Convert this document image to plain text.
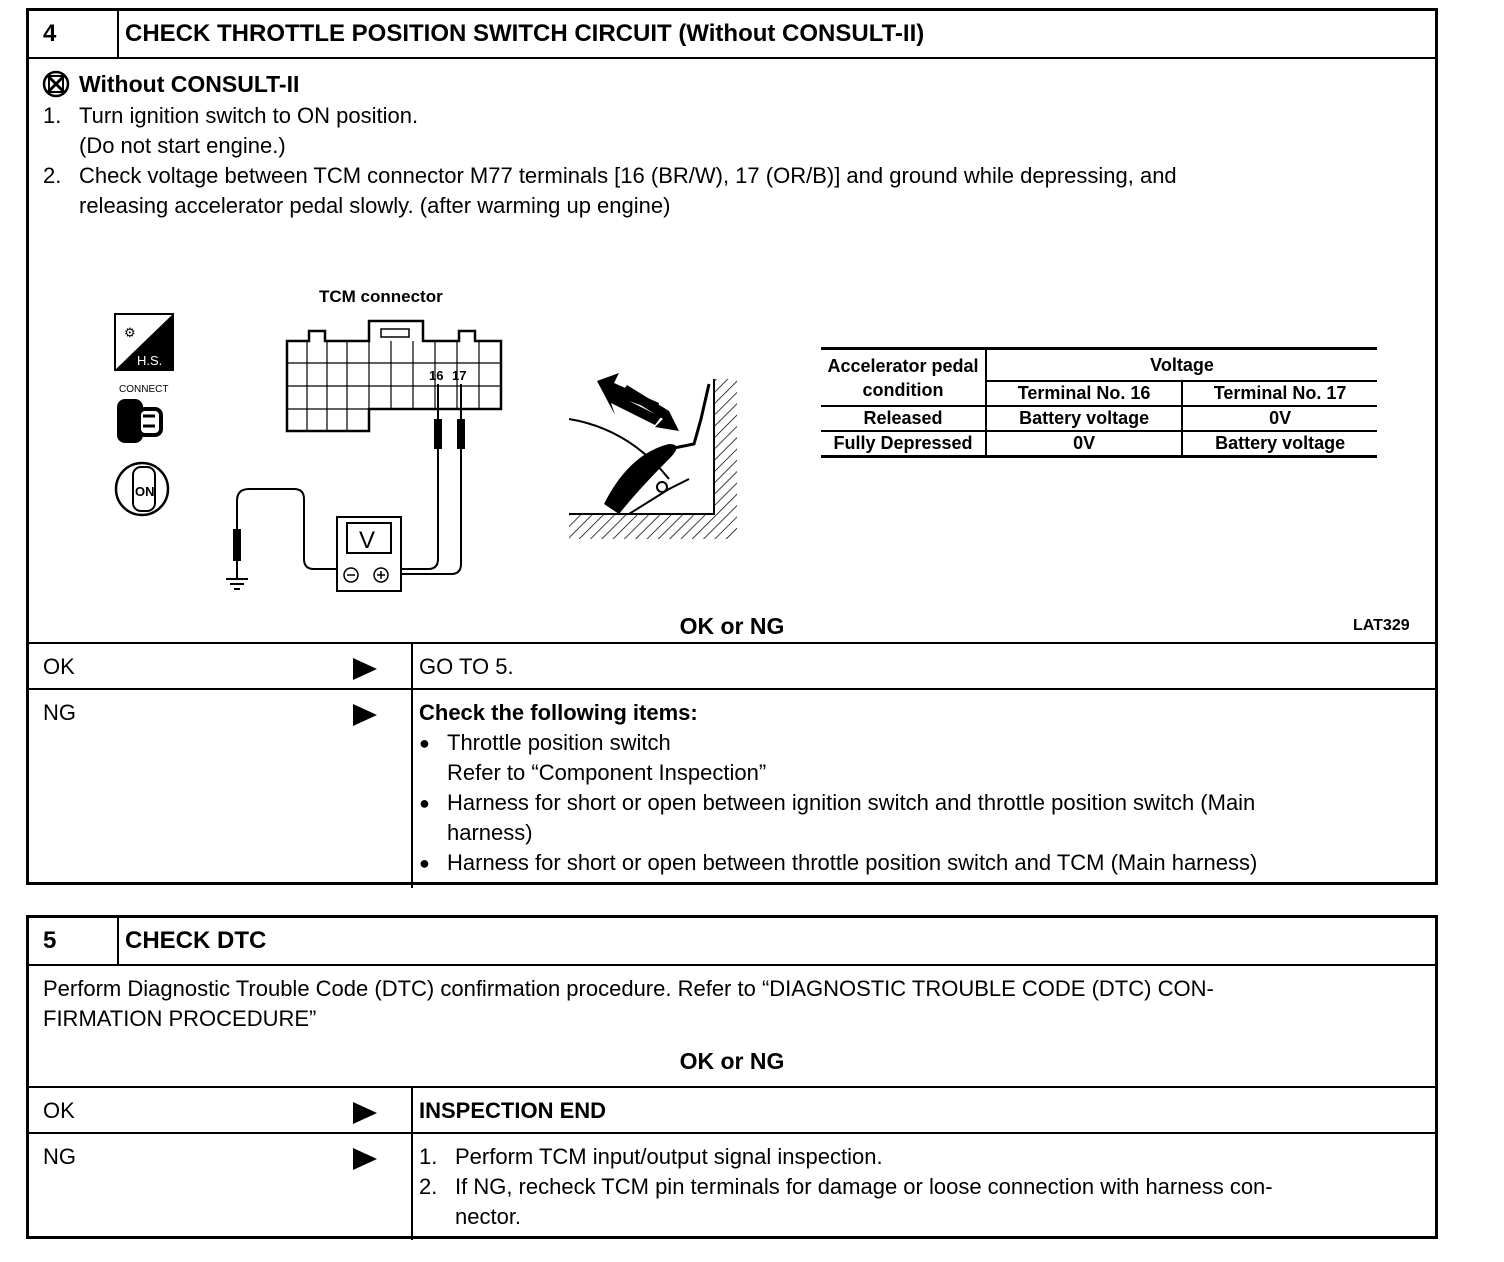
4	CHECK THROTTLE POSITION SWITCH CIRCUIT (Without CONSULT-II)
Without CONSULT-II
1. Turn ignition switch to ON position.
(Do not start engine.)
2. Check voltage between TCM connector M77 terminals [16 (BR/W), 17 (OR/B)] and ground while depressing, and
releasing accelerator pedal slowly. (after warming up engine)
⚙
H.S.
CONNECT
ON
TCM connector
16 17
V
LAT329
Accelerator pedal condition	Voltage	
	Terminal No. 16	Terminal No. 17
Released	Battery voltage	0V
Fully Depressed	0V	Battery voltage
OK or NG
OK	GO TO 5.
NG	Check the following items:
● Throttle position switch
Refer to “Component Inspection”
● Harness for short or open between ignition switch and throttle position switch (Main
harness)
● Harness for short or open between throttle position switch and TCM (Main harness)
5	CHECK DTC
Perform Diagnostic Trouble Code (DTC) confirmation procedure. Refer to “DIAGNOSTIC TROUBLE CODE (DTC) CON-
FIRMATION PROCEDURE”
OK or NG
OK	INSPECTION END
NG	1. Perform TCM input/output signal inspection.
2. If NG, recheck TCM pin terminals for damage or loose connection with harness con-
nector.
